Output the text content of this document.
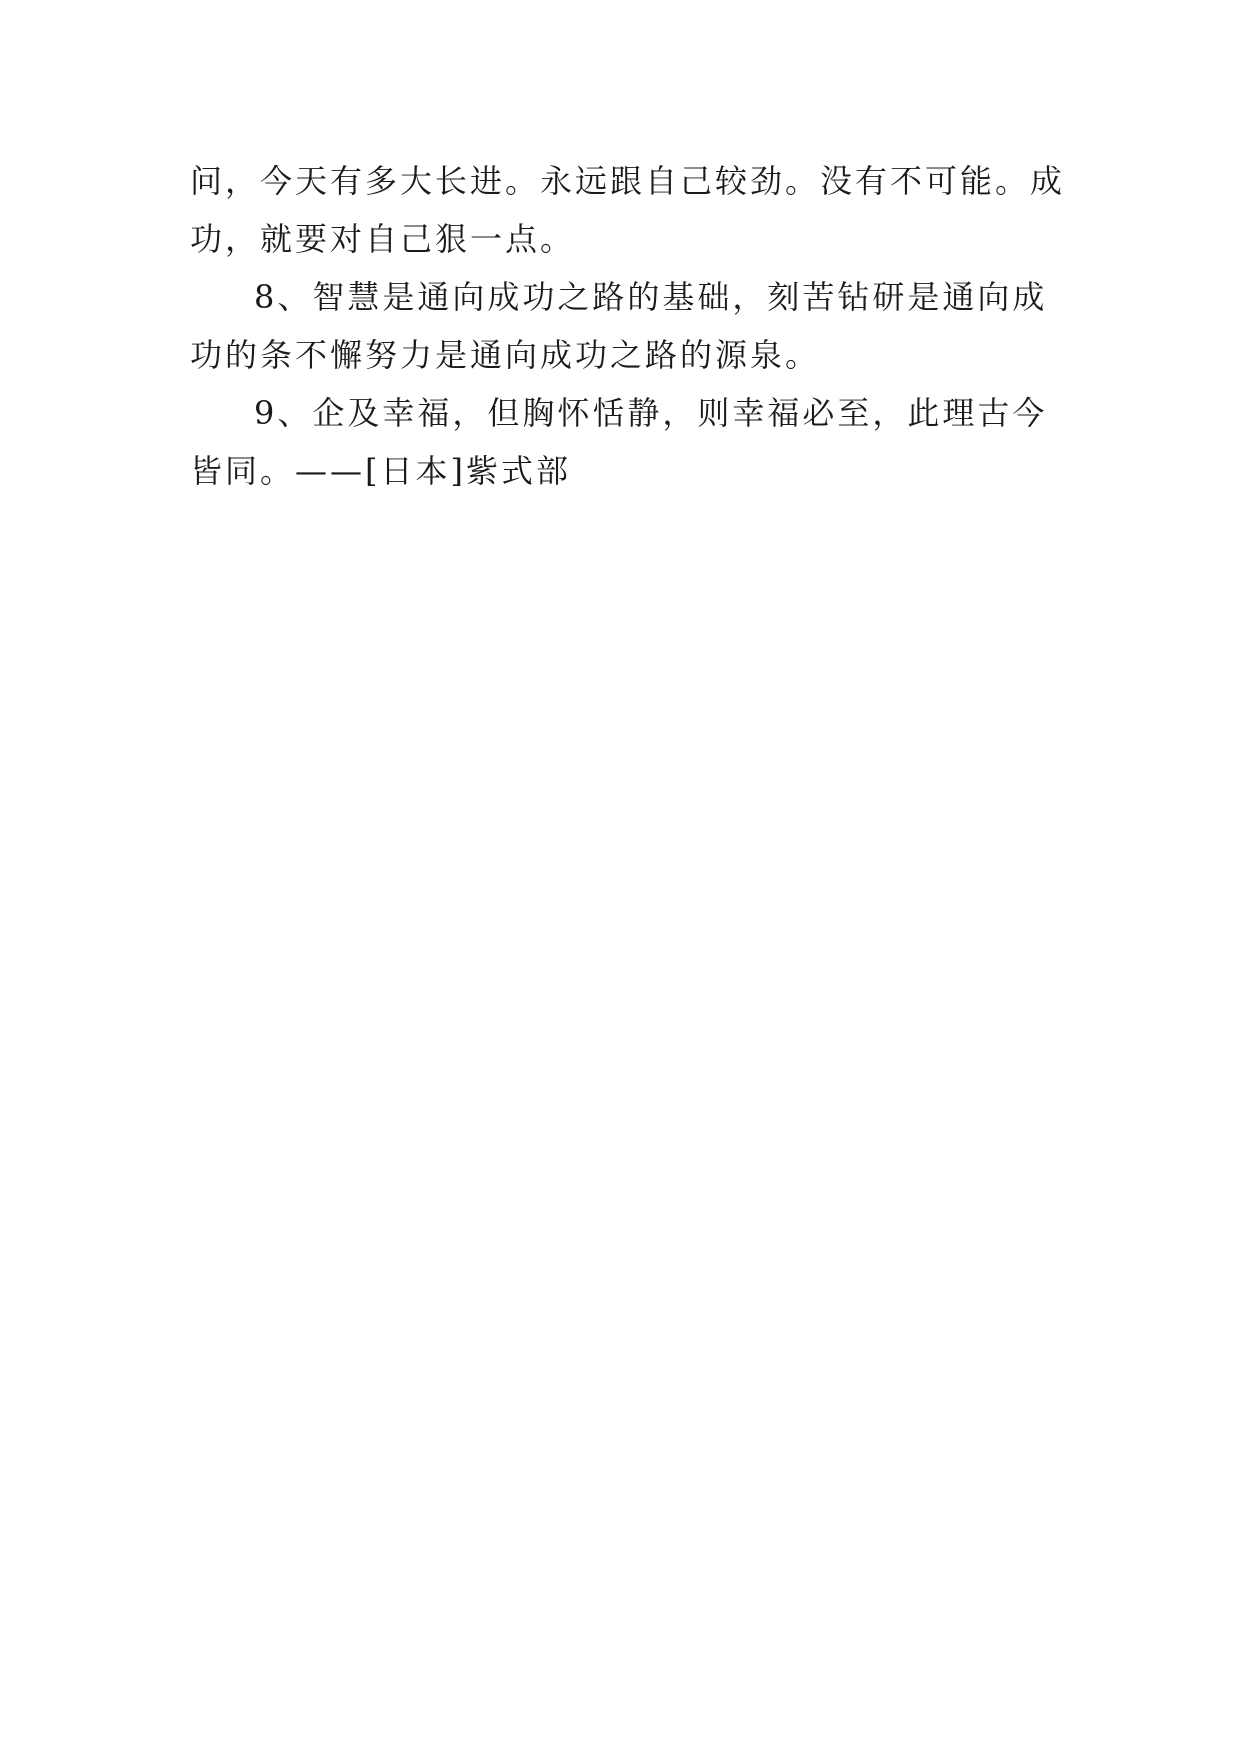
问，今天有多大长进。永远跟自己较劲。没有不可能。成功，就要对自己狠一点。

8、智慧是通向成功之路的基础，刻苦钻研是通向成功的条不懈努力是通向成功之路的源泉。

9、企及幸福，但胸怀恬静，则幸福必至，此理古今皆同。——[日本]紫式部
